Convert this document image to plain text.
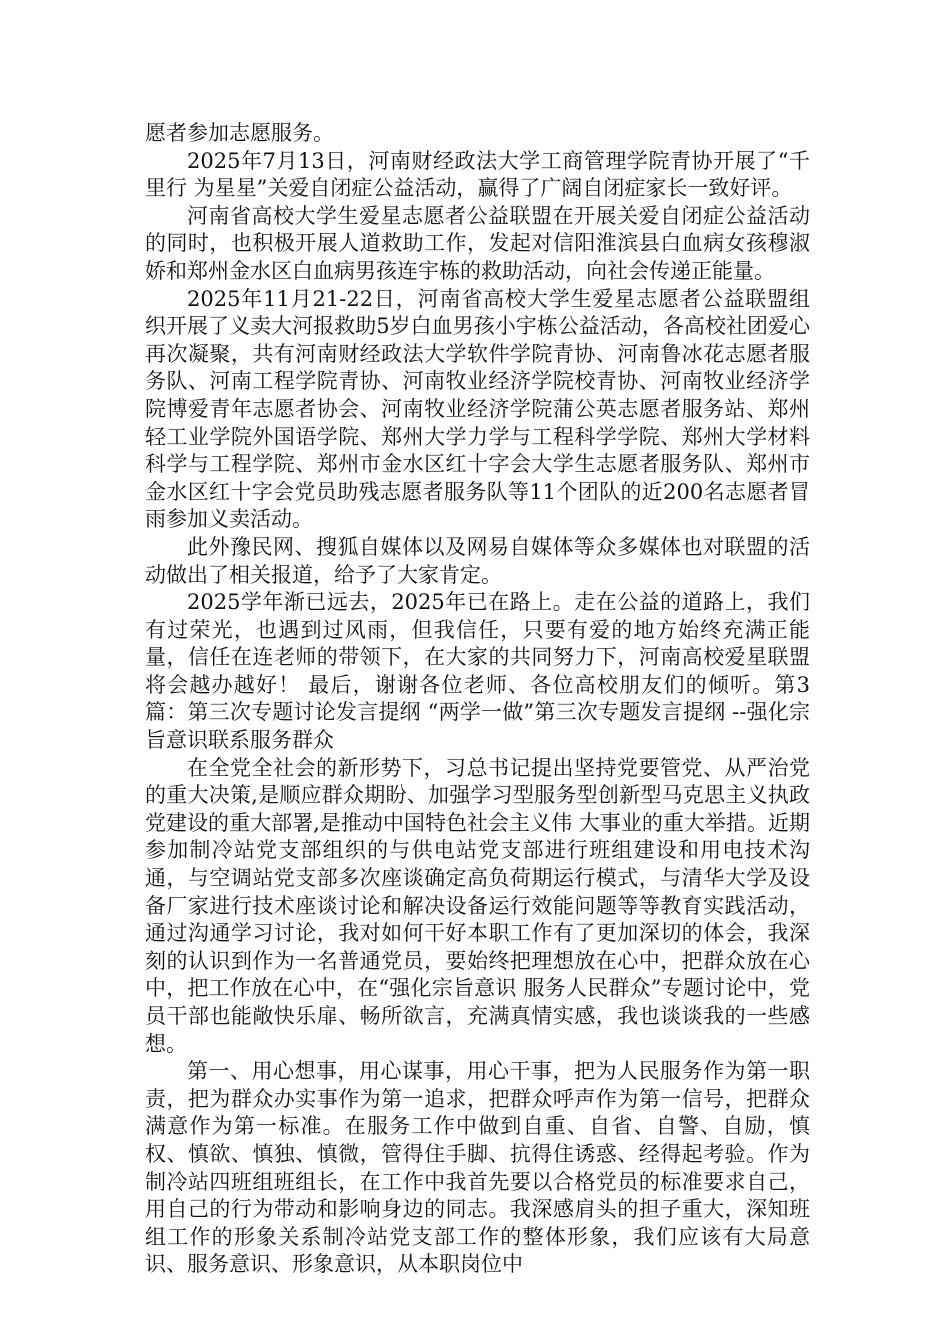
愿者参加志愿服务。

2025年7月13日，河南财经政法大学工商管理学院青协开展了“千里行 为星星”关爱自闭症公益活动，赢得了广阔自闭症家长一致好评。

河南省高校大学生爱星志愿者公益联盟在开展关爱自闭症公益活动的同时，也积极开展人道救助工作，发起对信阳淮滨县白血病女孩穆淑娇和郑州金水区白血病男孩连宇栋的救助活动，向社会传递正能量。

2025年11月21-22日，河南省高校大学生爱星志愿者公益联盟组织开展了义卖大河报救助5岁白血男孩小宇栋公益活动，各高校社团爱心再次凝聚，共有河南财经政法大学软件学院青协、河南鲁冰花志愿者服务队、河南工程学院青协、河南牧业经济学院校青协、河南牧业经济学院博爱青年志愿者协会、河南牧业经济学院蒲公英志愿者服务站、郑州轻工业学院外国语学院、郑州大学力学与工程科学学院、郑州大学材料科学与工程学院、郑州市金水区红十字会大学生志愿者服务队、郑州市金水区红十字会党员助残志愿者服务队等11个团队的近200名志愿者冒雨参加义卖活动。

此外豫民网、搜狐自媒体以及网易自媒体等众多媒体也对联盟的活动做出了相关报道，给予了大家肯定。

2025学年渐已远去，2025年已在路上。走在公益的道路上，我们有过荣光，也遇到过风雨，但我信任，只要有爱的地方始终充满正能量，信任在连老师的带领下，在大家的共同努力下，河南高校爱星联盟将会越办越好！ 最后，谢谢各位老师、各位高校朋友们的倾听。第3篇：第三次专题讨论发言提纲 “两学一做”第三次专题发言提纲 --强化宗旨意识联系服务群众

在全党全社会的新形势下，习总书记提出坚持党要管党、从严治党的重大决策,是顺应群众期盼、加强学习型服务型创新型马克思主义执政党建设的重大部署,是推动中国特色社会主义伟 大事业的重大举措。近期参加制冷站党支部组织的与供电站党支部进行班组建设和用电技术沟通，与空调站党支部多次座谈确定高负荷期运行模式，与清华大学及设备厂家进行技术座谈讨论和解决设备运行效能问题等等教育实践活动，通过沟通学习讨论，我对如何干好本职工作有了更加深切的体会，我深刻的认识到作为一名普通党员，要始终把理想放在心中，把群众放在心中，把工作放在心中，在“强化宗旨意识 服务人民群众”专题讨论中，党员干部也能敞快乐扉、畅所欲言，充满真情实感，我也谈谈我的一些感想。

第一、用心想事，用心谋事，用心干事，把为人民服务作为第一职责，把为群众办实事作为第一追求，把群众呼声作为第一信号，把群众满意作为第一标准。在服务工作中做到自重、自省、自警、自励，慎权、慎欲、慎独、慎微，管得住手脚、抗得住诱惑、经得起考验。作为制冷站四班组班组长，在工作中我首先要以合格党员的标准要求自己，用自己的行为带动和影响身边的同志。我深感肩头的担子重大，深知班组工作的形象关系制冷站党支部工作的整体形象，我们应该有大局意识、服务意识、形象意识，从本职岗位中
